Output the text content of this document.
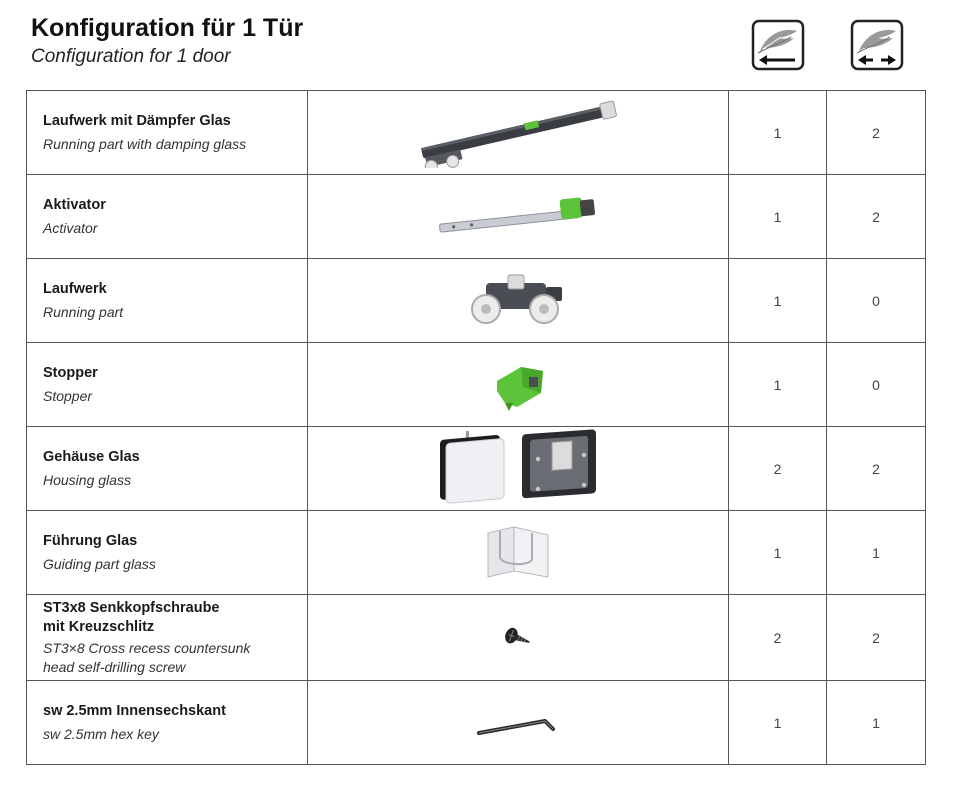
Konfiguration für 1 Tür
Configuration for 1 door
Laufwerk mit Dämpfer Glas
Running part with damping glass		1	2

Aktivator
Activator		1	2

Laufwerk
Running part		1	0

Stopper
Stopper		1	0

Gehäuse Glas
Housing glass		2	2

Führung Glas
Guiding part glass		1	1

ST3x8 Senkkopfschraube
mit Kreuzschlitz
ST3×8 Cross recess countersunk
head self-drilling screw		2	2

sw 2.5mm Innensechskant
sw 2.5mm hex key		1	1
